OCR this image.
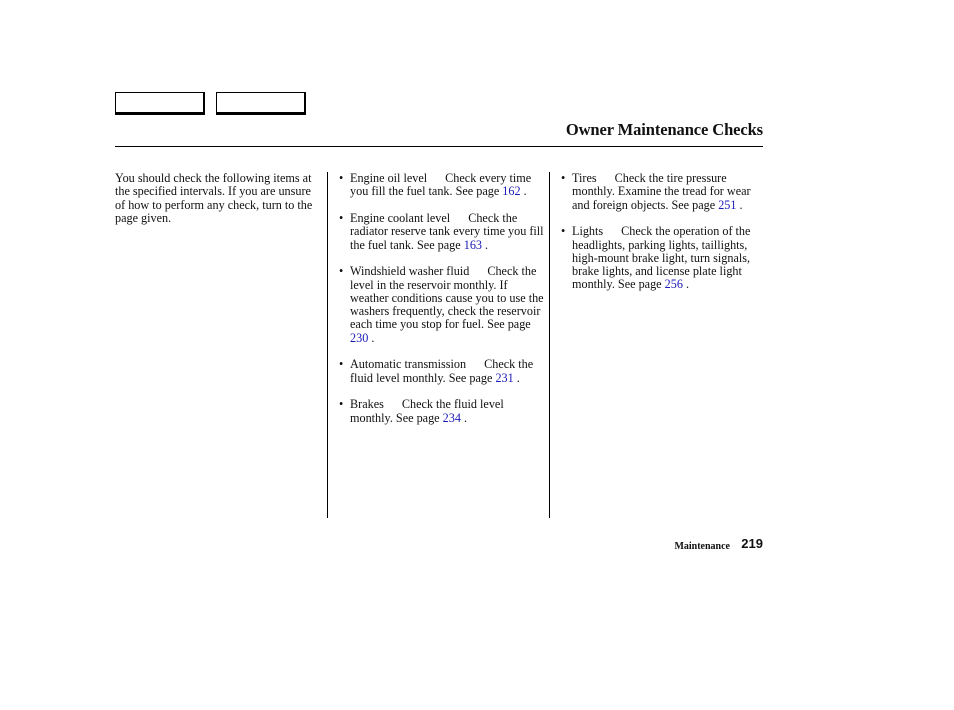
Owner Maintenance Checks
You should check the following items at the specified intervals. If you are unsure of how to perform any check, turn to the page given.
• Engine oil level Check every time you fill the fuel tank. See page 162 .
• Engine coolant level Check the radiator reserve tank every time you fill the fuel tank. See page 163 .
• Windshield washer fluid Check the level in the reservoir monthly. If weather conditions cause you to use the washers frequently, check the reservoir each time you stop for fuel. See page 230 .
• Automatic transmission Check the fluid level monthly. See page 231 .
• Brakes Check the fluid level monthly. See page 234 .
• Tires Check the tire pressure monthly. Examine the tread for wear and foreign objects. See page 251 .
• Lights Check the operation of the headlights, parking lights, taillights, high-mount brake light, turn signals, brake lights, and license plate light monthly. See page 256 .
Maintenance 219
